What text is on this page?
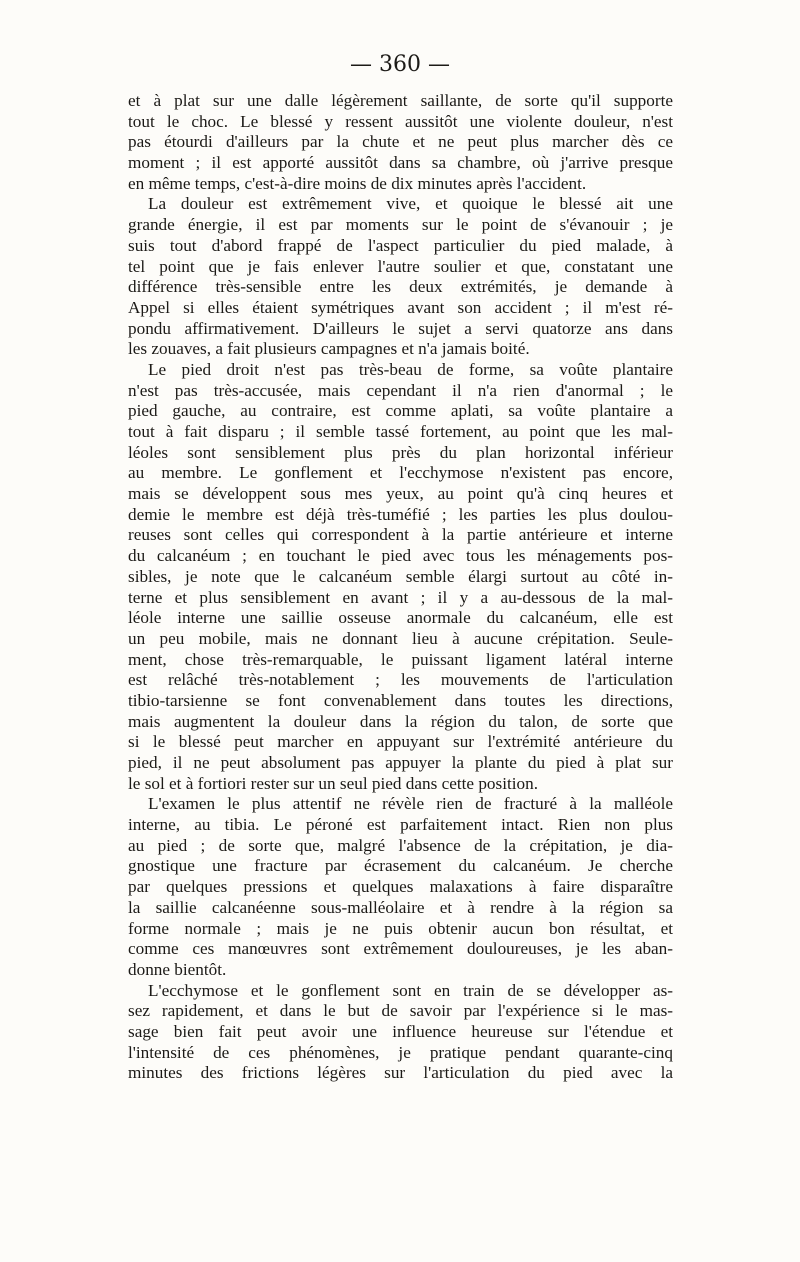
— 360 —
et à plat sur une dalle légèrement saillante, de sorte qu'il supporte
tout le choc. Le blessé y ressent aussitôt une violente douleur, n'est
pas étourdi d'ailleurs par la chute et ne peut plus marcher dès ce
moment ; il est apporté aussitôt dans sa chambre, où j'arrive presque
en même temps, c'est-à-dire moins de dix minutes après l'accident.
La douleur est extrêmement vive, et quoique le blessé ait une
grande énergie, il est par moments sur le point de s'évanouir ; je
suis tout d'abord frappé de l'aspect particulier du pied malade, à
tel point que je fais enlever l'autre soulier et que, constatant une
différence très-sensible entre les deux extrémités, je demande à
Appel si elles étaient symétriques avant son accident ; il m'est ré-
pondu affirmativement. D'ailleurs le sujet a servi quatorze ans dans
les zouaves, a fait plusieurs campagnes et n'a jamais boité.
Le pied droit n'est pas très-beau de forme, sa voûte plantaire
n'est pas très-accusée, mais cependant il n'a rien d'anormal ; le
pied gauche, au contraire, est comme aplati, sa voûte plantaire a
tout à fait disparu ; il semble tassé fortement, au point que les mal-
léoles sont sensiblement plus près du plan horizontal inférieur
au membre. Le gonflement et l'ecchymose n'existent pas encore,
mais se développent sous mes yeux, au point qu'à cinq heures et
demie le membre est déjà très-tuméfié ; les parties les plus doulou-
reuses sont celles qui correspondent à la partie antérieure et interne
du calcanéum ; en touchant le pied avec tous les ménagements pos-
sibles, je note que le calcanéum semble élargi surtout au côté in-
terne et plus sensiblement en avant ; il y a au-dessous de la mal-
léole interne une saillie osseuse anormale du calcanéum, elle est
un peu mobile, mais ne donnant lieu à aucune crépitation. Seule-
ment, chose très-remarquable, le puissant ligament latéral interne
est relâché très-notablement ; les mouvements de l'articulation
tibio-tarsienne se font convenablement dans toutes les directions,
mais augmentent la douleur dans la région du talon, de sorte que
si le blessé peut marcher en appuyant sur l'extrémité antérieure du
pied, il ne peut absolument pas appuyer la plante du pied à plat sur
le sol et à fortiori rester sur un seul pied dans cette position.
L'examen le plus attentif ne révèle rien de fracturé à la malléole
interne, au tibia. Le péroné est parfaitement intact. Rien non plus
au pied ; de sorte que, malgré l'absence de la crépitation, je dia-
gnostique une fracture par écrasement du calcanéum. Je cherche
par quelques pressions et quelques malaxations à faire disparaître
la saillie calcanéenne sous-malléolaire et à rendre à la région sa
forme normale ; mais je ne puis obtenir aucun bon résultat, et
comme ces manœuvres sont extrêmement douloureuses, je les aban-
donne bientôt.
L'ecchymose et le gonflement sont en train de se développer as-
sez rapidement, et dans le but de savoir par l'expérience si le mas-
sage bien fait peut avoir une influence heureuse sur l'étendue et
l'intensité de ces phénomènes, je pratique pendant quarante-cinq
minutes des frictions légères sur l'articulation du pied avec la
